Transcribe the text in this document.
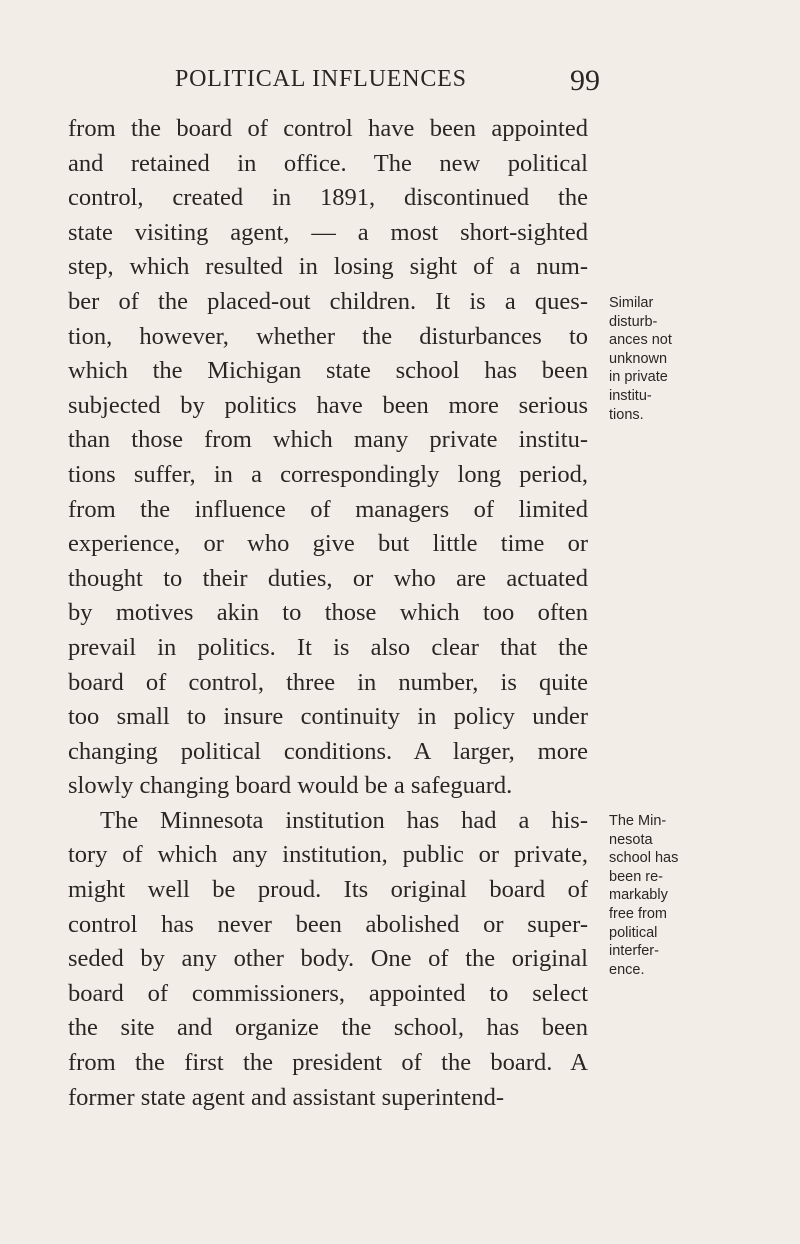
POLITICAL INFLUENCES	99
from the board of control have been appointed
and retained in office. The new political
control, created in 1891, discontinued the
state visiting agent, — a most short-sighted
step, which resulted in losing sight of a num-
ber of the placed-out children. It is a ques-
tion, however, whether the disturbances to
which the Michigan state school has been
subjected by politics have been more serious
than those from which many private institu-
tions suffer, in a correspondingly long period,
from the influence of managers of limited
experience, or who give but little time or
thought to their duties, or who are actuated
by motives akin to those which too often
prevail in politics. It is also clear that the
board of control, three in number, is quite
too small to insure continuity in policy under
changing political conditions. A larger, more
slowly changing board would be a safeguard.
The Minnesota institution has had a his-
tory of which any institution, public or private,
might well be proud. Its original board of
control has never been abolished or super-
seded by any other body. One of the original
board of commissioners, appointed to select
the site and organize the school, has been
from the first the president of the board. A
former state agent and assistant superintend-
Similar
disturb-
ances not
unknown
in private
institu-
tions.
The Min-
nesota
school has
been re-
markably
free from
political
interfer-
ence.
